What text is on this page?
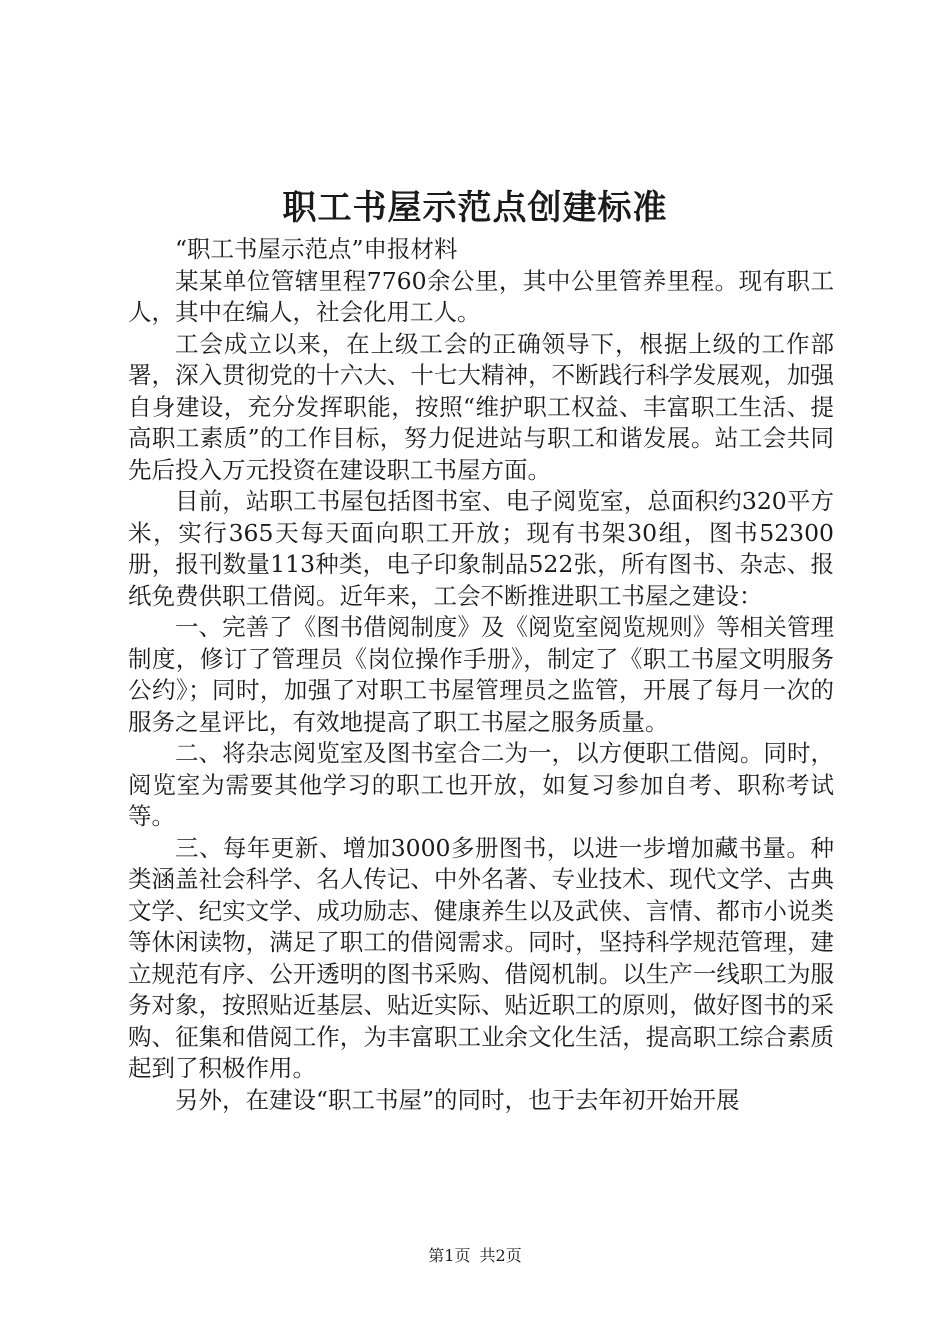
职工书屋示范点创建标准

“职工书屋示范点”申报材料

某某单位管辖里程7760余公里，其中公里管养里程。现有职工人，其中在编人，社会化用工人。

工会成立以来，在上级工会的正确领导下，根据上级的工作部署，深入贯彻党的十六大、十七大精神，不断践行科学发展观，加强自身建设，充分发挥职能，按照“维护职工权益、丰富职工生活、提高职工素质”的工作目标，努力促进站与职工和谐发展。站工会共同先后投入万元投资在建设职工书屋方面。

目前，站职工书屋包括图书室、电子阅览室，总面积约320平方米，实行365天每天面向职工开放；现有书架30组，图书52300册，报刊数量113种类，电子印象制品522张，所有图书、杂志、报纸免费供职工借阅。近年来，工会不断推进职工书屋之建设：

一、完善了《图书借阅制度》及《阅览室阅览规则》等相关管理制度，修订了管理员《岗位操作手册》，制定了《职工书屋文明服务公约》；同时，加强了对职工书屋管理员之监管，开展了每月一次的服务之星评比，有效地提高了职工书屋之服务质量。

二、将杂志阅览室及图书室合二为一，以方便职工借阅。同时，阅览室为需要其他学习的职工也开放，如复习参加自考、职称考试等。

三、每年更新、增加3000多册图书，以进一步增加藏书量。种类涵盖社会科学、名人传记、中外名著、专业技术、现代文学、古典文学、纪实文学、成功励志、健康养生以及武侠、言情、都市小说类等休闲读物，满足了职工的借阅需求。同时，坚持科学规范管理，建立规范有序、公开透明的图书采购、借阅机制。以生产一线职工为服务对象，按照贴近基层、贴近实际、贴近职工的原则，做好图书的采购、征集和借阅工作，为丰富职工业余文化生活，提高职工综合素质起到了积极作用。

另外，在建设“职工书屋”的同时，也于去年初开始开展

第1页 共2页
